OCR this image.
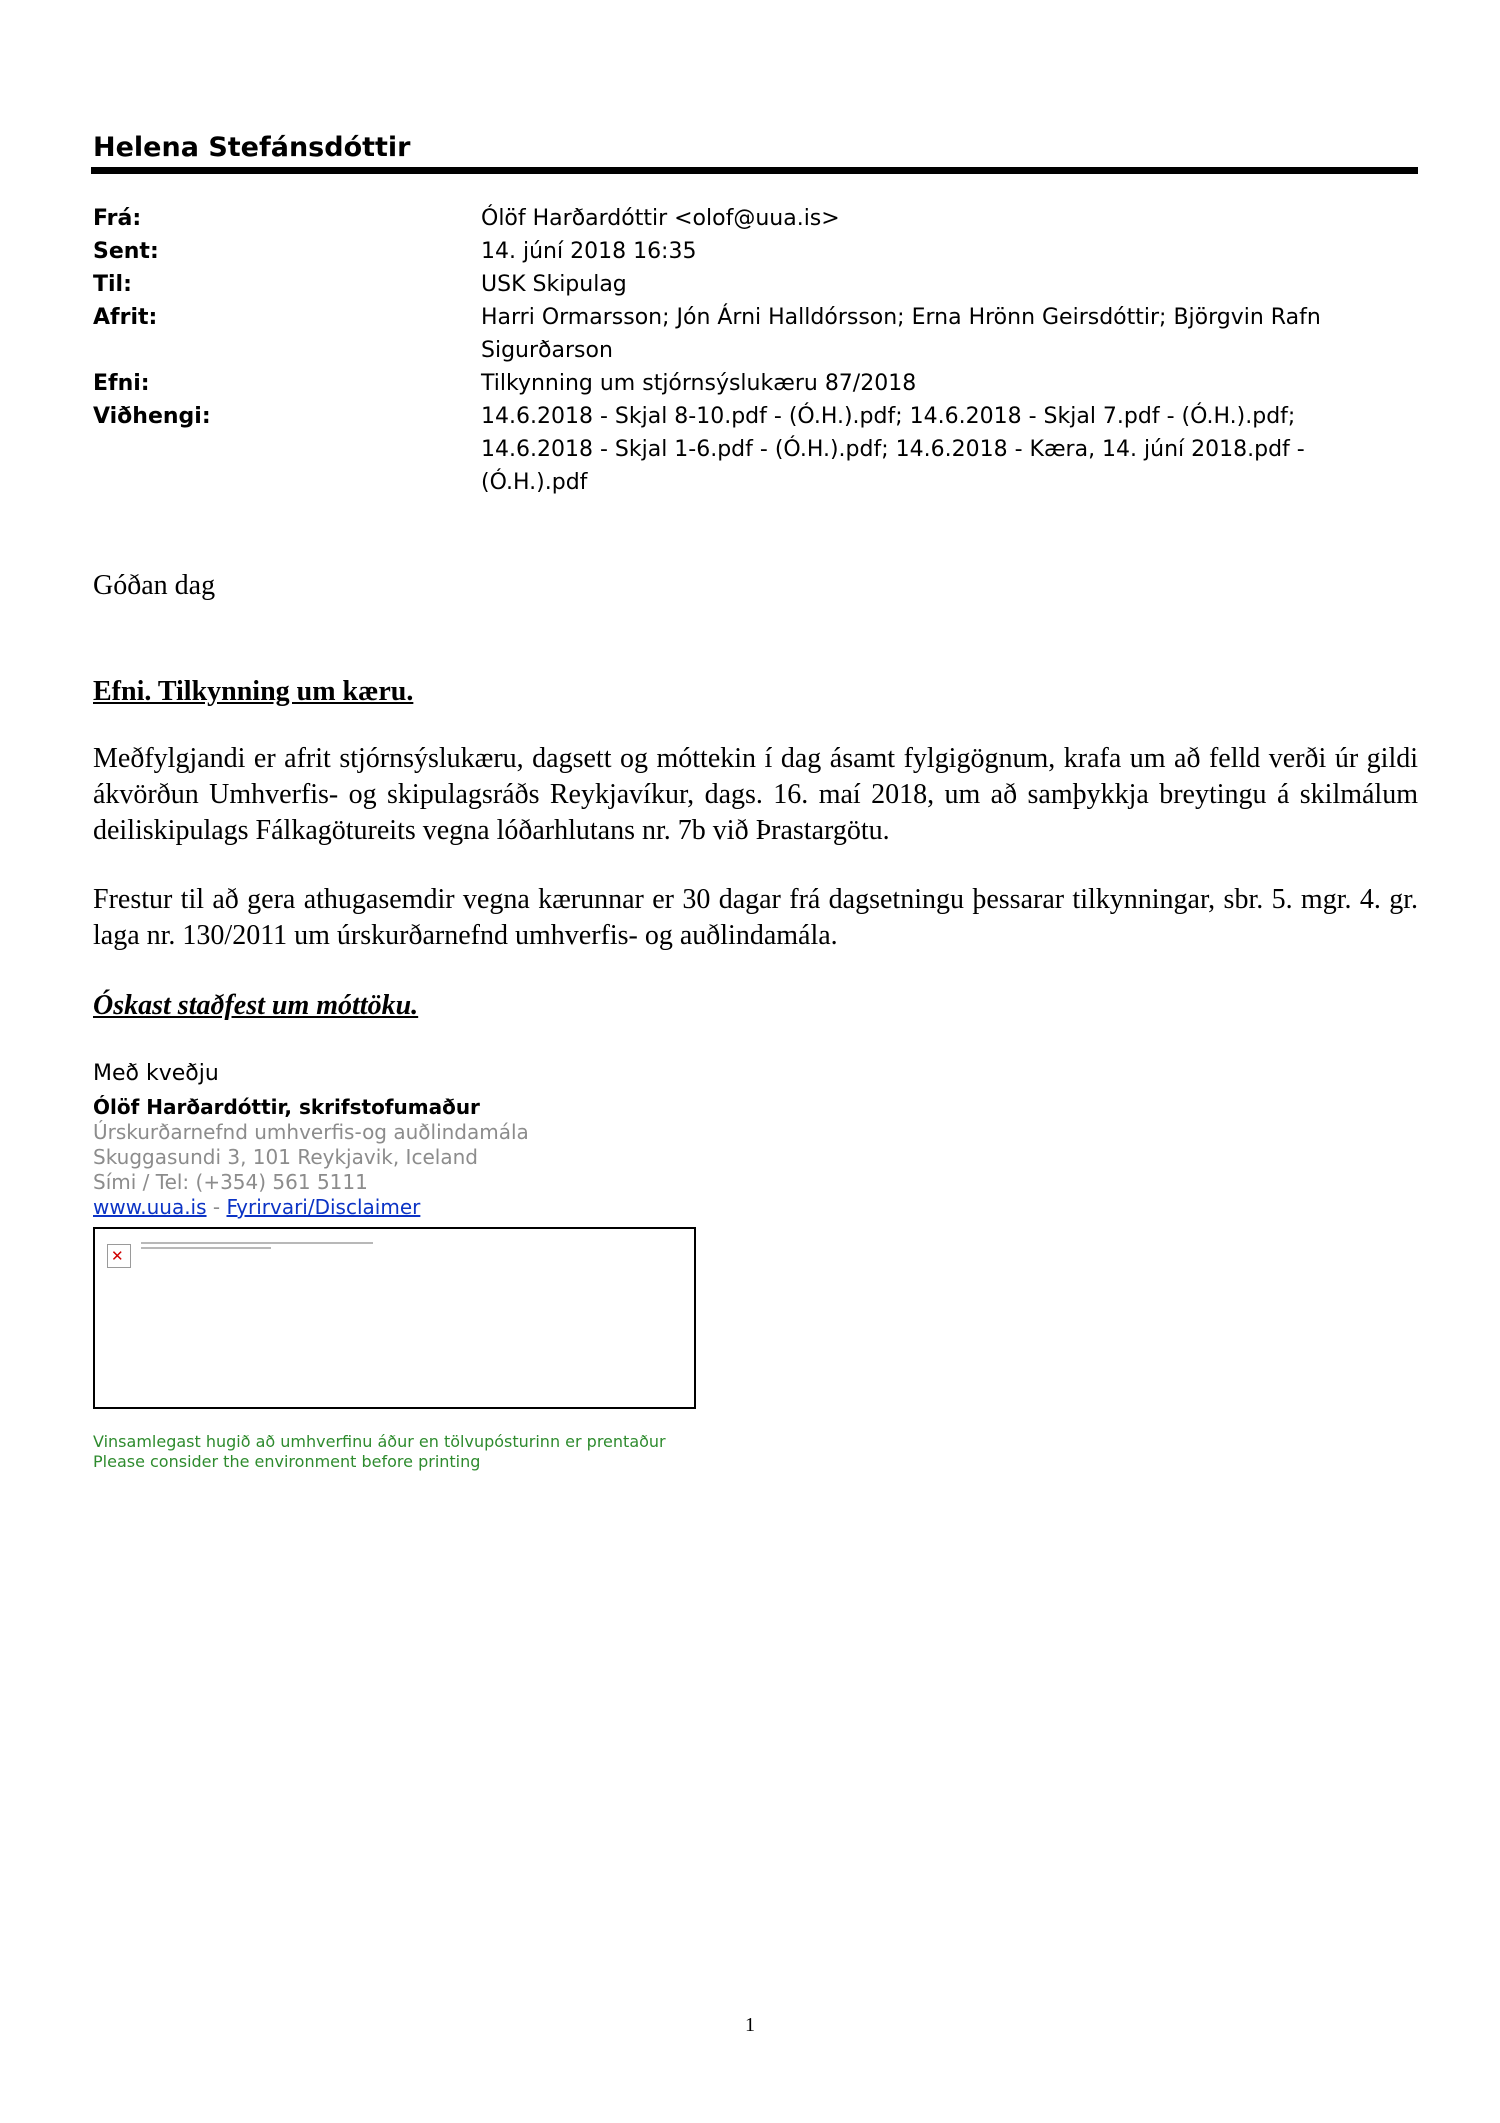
Helena Stefánsdóttir
Frá:	Ólöf Harðardóttir <olof@uua.is>
Sent:	14. júní 2018 16:35
Til:	USK Skipulag
Afrit:	Harri Ormarsson; Jón Árni Halldórsson; Erna Hrönn Geirsdóttir; Björgvin Rafn
Sigurðarson
Efni:	Tilkynning um stjórnsýslukæru 87/2018
Viðhengi:	14.6.2018 - Skjal 8-10.pdf - (Ó.H.).pdf; 14.6.2018 - Skjal 7.pdf - (Ó.H.).pdf;
14.6.2018 - Skjal 1-6.pdf - (Ó.H.).pdf; 14.6.2018 - Kæra, 14. júní 2018.pdf -
(Ó.H.).pdf
Góðan dag
Efni. Tilkynning um kæru.
Meðfylgjandi er afrit stjórnsýslukæru, dagsett og móttekin í dag ásamt fylgigögnum, krafa um að felld verði úr gildi ákvörðun Umhverfis- og skipulagsráðs Reykjavíkur, dags. 16. maí 2018, um að samþykkja breytingu á skilmálum deiliskipulags Fálkagötureits vegna lóðarhlutans nr. 7b við Þrastargötu.
Frestur til að gera athugasemdir vegna kærunnar er 30 dagar frá dagsetningu þessarar tilkynningar, sbr. 5. mgr. 4. gr. laga nr. 130/2011 um úrskurðarnefnd umhverfis- og auðlindamála.
Óskast staðfest um móttöku.
Með kveðju
Ólöf Harðardóttir, skrifstofumaður
Úrskurðarnefnd umhverfis-og auðlindamála
Skuggasundi 3, 101 Reykjavik, Iceland
Sími / Tel: (+354) 561 5111
www.uua.is - Fyrirvari/Disclaimer
✕
Vinsamlegast hugið að umhverfinu áður en tölvupósturinn er prentaður
Please consider the environment before printing
1
